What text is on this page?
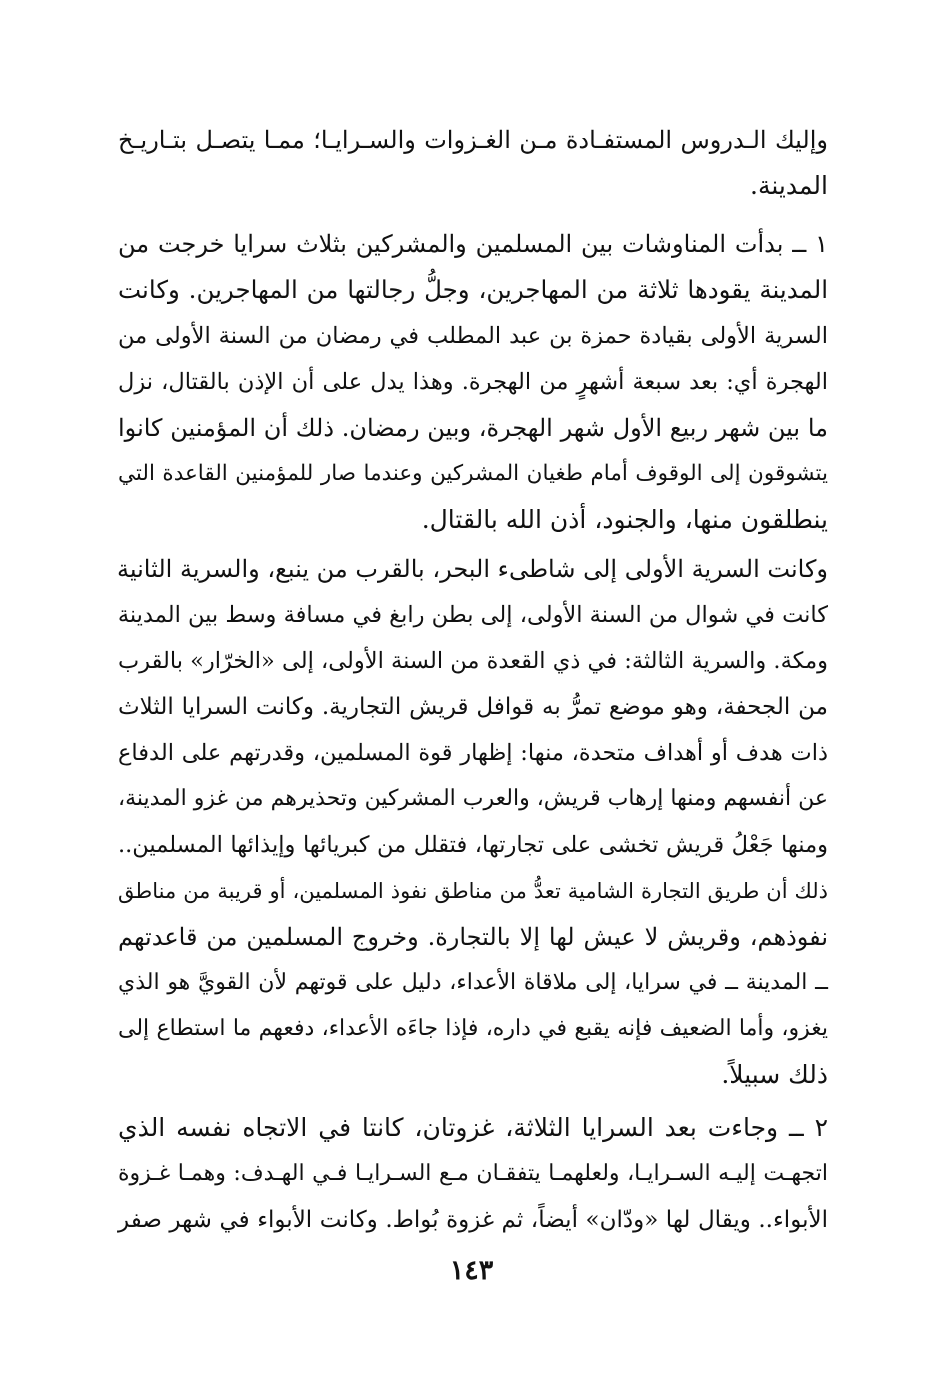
وإليك الـدروس المستفـادة مـن الغـزوات والسـرايـا؛ ممـا يتصـل بتـاريـخ
المدينة.
١ ــ بدأت المناوشات بين المسلمين والمشركين بثلاث سرايا خرجت من
المدينة يقودها ثلاثة من المهاجرين، وجلُّ رجالتها من المهاجرين. وكانت
السرية الأولى بقيادة حمزة بن عبد المطلب في رمضان من السنة الأولى من
الهجرة أي: بعد سبعة أشهرٍ من الهجرة. وهذا يدل على أن الإذن بالقتال، نزل
ما بين شهر ربيع الأول شهر الهجرة، وبين رمضان. ذلك أن المؤمنين كانوا
يتشوقون إلى الوقوف أمام طغيان المشركين وعندما صار للمؤمنين القاعدة التي
ينطلقون منها، والجنود، أذن الله بالقتال.
وكانت السرية الأولى إلى شاطىء البحر، بالقرب من ينبع، والسرية الثانية
كانت في شوال من السنة الأولى، إلى بطن رابغ في مسافة وسط بين المدينة
ومكة. والسرية الثالثة: في ذي القعدة من السنة الأولى، إلى «الخرّار» بالقرب
من الجحفة، وهو موضع تمرُّ به قوافل قريش التجارية. وكانت السرايا الثلاث
ذات هدف أو أهداف متحدة، منها: إظهار قوة المسلمين، وقدرتهم على الدفاع
عن أنفسهم ومنها إرهاب قريش، والعرب المشركين وتحذيرهم من غزو المدينة،
ومنها جَعْلُ قريش تخشى على تجارتها، فتقلل من كبريائها وإيذائها المسلمين..
ذلك أن طريق التجارة الشامية تعدُّ من مناطق نفوذ المسلمين، أو قريبة من مناطق
نفوذهم، وقريش لا عيش لها إلا بالتجارة. وخروج المسلمين من قاعدتهم
ــ المدينة ــ في سرايا، إلى ملاقاة الأعداء، دليل على قوتهم لأن القويَّ هو الذي
يغزو، وأما الضعيف فإنه يقبع في داره، فإذا جاءَه الأعداء، دفعهم ما استطاع إلى
ذلك سبيلاً.
٢ ــ وجاءت بعد السرايا الثلاثة، غزوتان، كانتا في الاتجاه نفسه الذي
اتجهـت إليـه السـرايـا، ولعلهمـا يتفقـان مـع السـرايـا فـي الهـدف: وهمـا غـزوة
الأبواء.. ويقال لها «ودّان» أيضاً، ثم غزوة بُواط. وكانت الأبواء في شهر صفر
١٤٣
